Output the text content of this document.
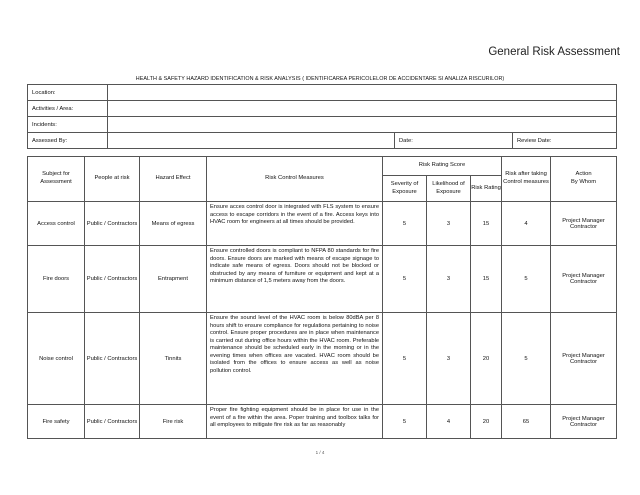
General Risk Assessment
HEALTH & SAFETY HAZARD IDENTIFICATION & RISK ANALYSIS ( IDENTIFICAREA PERICOLELOR DE ACCIDENTARE SI ANALIZA RISCURILOR)
Location:			
Activities / Area:			
Incidents:			
Assessed By:		Date:	Review Date:
Subject for Assessment	People at risk	Hazard Effect	Risk Control Measures	Risk Rating Score			Risk after taking Control measures	Action
By Whom

				Severity of Exposure	Likelihood of Exposure	Risk Rating		
Access control	Public / Contractors	Means of egress	Ensure acces control door is integrated with FLS system to ensure access to escape corridors in the event of a fire. Access keys into HVAC room for engineers at all times should be provided.	5	3	15	4	Project Manager
Contractor

Fire doors	Public / Contractors	Entrapment	Ensure controlled doors is compliant to NFPA 80 standards for fire doors. Ensure doors are marked with means of escape signage to indicate safe means of egress. Doors should not be blocked or obstructed by any means of furniture or equipment and kept at a minimum distance of 1,5 meters away from the doors.	5	3	15	5	Project Manager
Contractor

Noise control	Public / Contractors	Tinnits	Ensure the sound level of the HVAC room is below 80dBA per 8 hours shift to ensure compliance for regulations pertaining to noise control. Ensure proper procedures are in place when maintenance is carried out during office hours within the HVAC room. Preferable maintenance should be scheduled early in the morning or in the evening times when offices are vacated. HVAC room should be isolated from the offices to ensure access as well as noise pollution control.	5	3	20	5	Project Manager
Contractor

Fire safety	Public / Contractors	Fire risk	Proper fire fighting equipment should be in place for use in the event of a fire within the area. Poper training and toolbox talks for all employees to mitigate fire risk as far as reasonably	5	4	20	65	Project Manager
Contractor
1 / 4
